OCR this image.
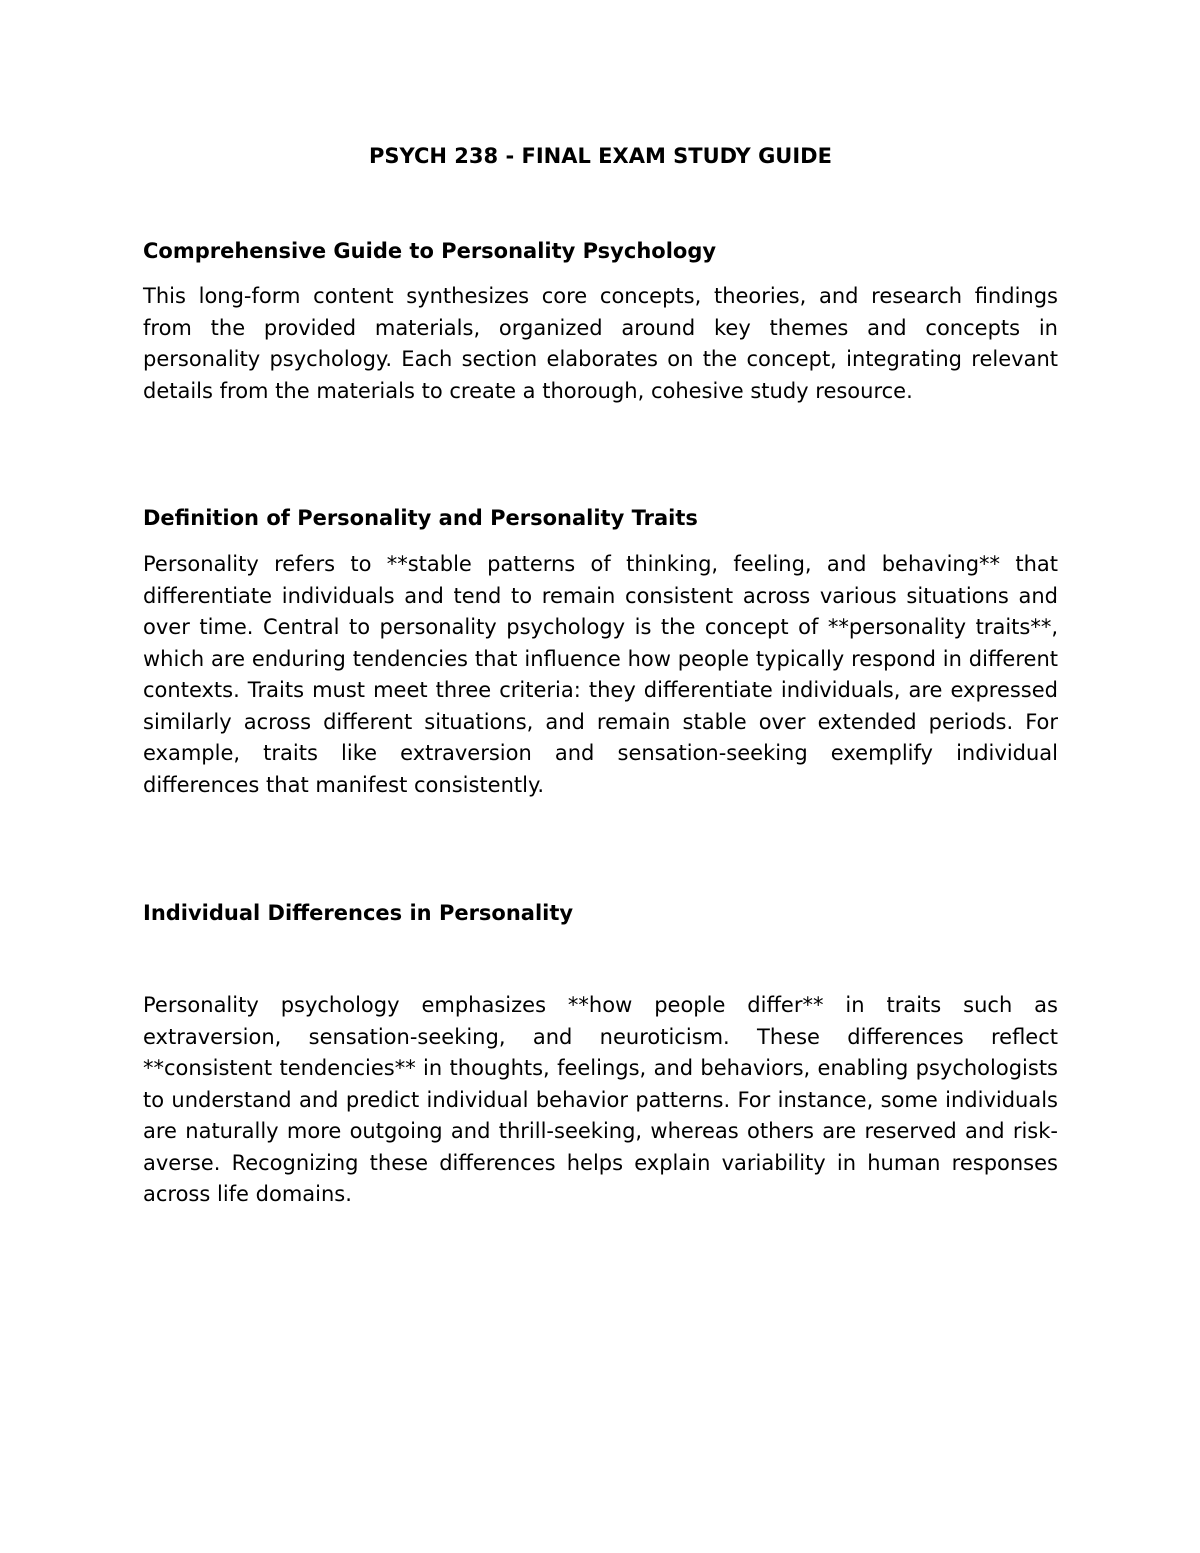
PSYCH 238 - FINAL EXAM STUDY GUIDE
Comprehensive Guide to Personality Psychology

This long-form content synthesizes core concepts, theories, and research findings from the provided materials, organized around key themes and concepts in personality psychology. Each section elaborates on the concept, integrating relevant details from the materials to create a thorough, cohesive study resource.

Definition of Personality and Personality Traits

Personality refers to **stable patterns of thinking, feeling, and behaving** that differentiate individuals and tend to remain consistent across various situations and over time. Central to personality psychology is the concept of **personality traits**, which are enduring tendencies that influence how people typically respond in different contexts. Traits must meet three criteria: they differentiate individuals, are expressed similarly across different situations, and remain stable over extended periods. For example, traits like extraversion and sensation-seeking exemplify individual differences that manifest consistently.

Individual Differences in Personality

Personality psychology emphasizes **how people differ** in traits such as extraversion, sensation-seeking, and neuroticism. These differences reflect **consistent tendencies** in thoughts, feelings, and behaviors, enabling psychologists to understand and predict individual behavior patterns. For instance, some individuals are naturally more outgoing and thrill-seeking, whereas others are reserved and risk-averse. Recognizing these differences helps explain variability in human responses across life domains.
